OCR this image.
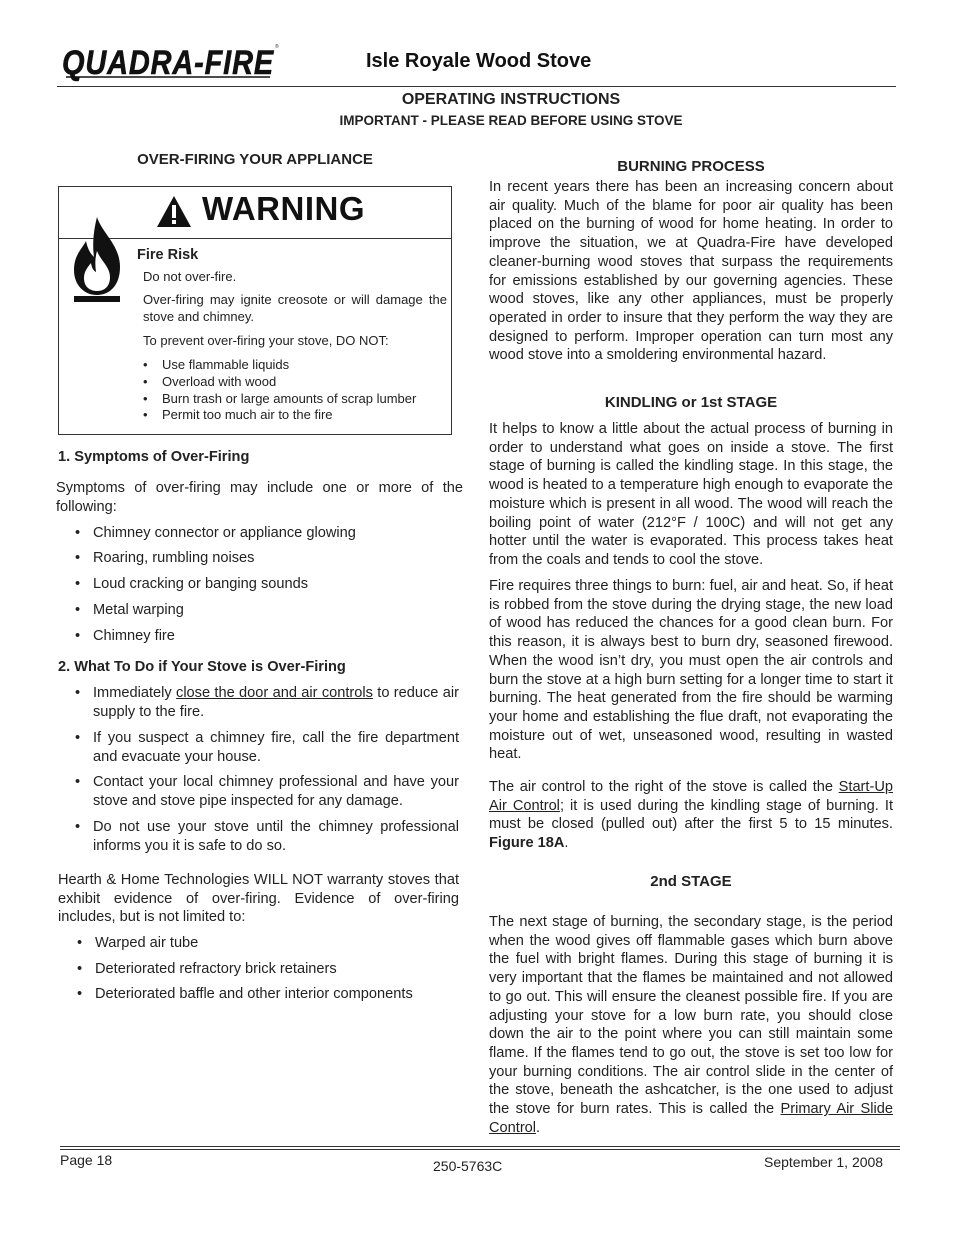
QUADRA-FIRE ®
Isle Royale Wood Stove
OPERATING INSTRUCTIONS
IMPORTANT - PLEASE READ BEFORE USING STOVE
OVER-FIRING YOUR APPLIANCE
WARNING
Fire Risk
Do not over-fire.
Over-firing may ignite creosote or will damage the stove and chimney.
To prevent over-firing your stove, DO NOT:
• Use flammable liquids
• Overload with wood
• Burn trash or large amounts of scrap lumber
• Permit too much air to the fire
1. Symptoms of Over-Firing
Symptoms of over-firing may include one or more of the following:
• Chimney connector or appliance glowing
• Roaring, rumbling noises
• Loud cracking or banging sounds
• Metal warping
• Chimney fire
2. What To Do if Your Stove is Over-Firing
• Immediately close the door and air controls to reduce air supply to the fire.
• If you suspect a chimney fire, call the fire department and evacuate your house.
• Contact your local chimney professional and have your stove and stove pipe inspected for any damage.
• Do not use your stove until the chimney professional informs you it is safe to do so.
Hearth & Home Technologies WILL NOT warranty stoves that exhibit evidence of over-firing. Evidence of over-firing includes, but is not limited to:
• Warped air tube
• Deteriorated refractory brick retainers
• Deteriorated baffle and other interior components
BURNING PROCESS
In recent years there has been an increasing concern about air quality. Much of the blame for poor air quality has been placed on the burning of wood for home heating. In order to improve the situation, we at Quadra-Fire have developed cleaner-burning wood stoves that surpass the requirements for emissions established by our governing agencies. These wood stoves, like any other appliances, must be properly operated in order to insure that they perform the way they are designed to perform. Improper operation can turn most any wood stove into a smoldering environmental hazard.
KINDLING or 1st STAGE
It helps to know a little about the actual process of burning in order to understand what goes on inside a stove. The first stage of burning is called the kindling stage. In this stage, the wood is heated to a temperature high enough to evaporate the moisture which is present in all wood. The wood will reach the boiling point of water (212°F / 100C) and will not get any hotter until the water is evaporated. This process takes heat from the coals and tends to cool the stove.
Fire requires three things to burn: fuel, air and heat. So, if heat is robbed from the stove during the drying stage, the new load of wood has reduced the chances for a good clean burn. For this reason, it is always best to burn dry, seasoned firewood. When the wood isn’t dry, you must open the air controls and burn the stove at a high burn setting for a longer time to start it burning. The heat generated from the fire should be warming your home and establishing the flue draft, not evaporating the moisture out of wet, unseasoned wood, resulting in wasted heat.
The air control to the right of the stove is called the Start-Up Air Control; it is used during the kindling stage of burning. It must be closed (pulled out) after the first 5 to 15 minutes. Figure 18A.
2nd STAGE
The next stage of burning, the secondary stage, is the period when the wood gives off flammable gases which burn above the fuel with bright flames. During this stage of burning it is very important that the flames be maintained and not allowed to go out. This will ensure the cleanest possible fire. If you are adjusting your stove for a low burn rate, you should close down the air to the point where you can still maintain some flame. If the flames tend to go out, the stove is set too low for your burning conditions. The air control slide in the center of the stove, beneath the ashcatcher, is the one used to adjust the stove for burn rates. This is called the Primary Air Slide Control.
Page 18	250-5763C	September 1, 2008
